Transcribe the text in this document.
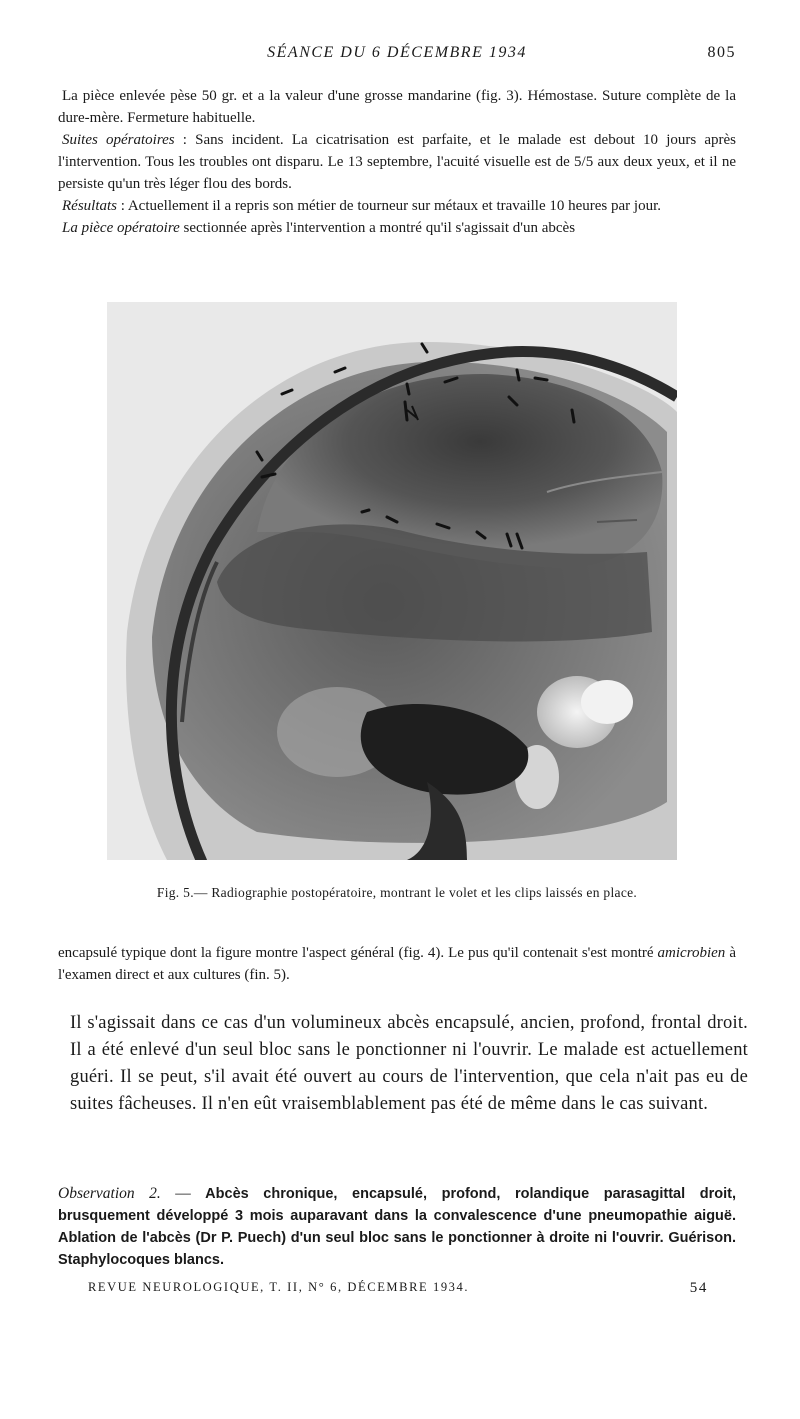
SÉANCE DU 6 DÉCEMBRE 1934	805

La pièce enlevée pèse 50 gr. et a la valeur d'une grosse mandarine (fig. 3). Hémostase. Suture complète de la dure-mère. Fermeture habituelle.

Suites opératoires : Sans incident. La cicatrisation est parfaite, et le malade est debout 10 jours après l'intervention. Tous les troubles ont disparu. Le 13 septembre, l'acuité visuelle est de 5/5 aux deux yeux, et il ne persiste qu'un très léger flou des bords.

Résultats : Actuellement il a repris son métier de tourneur sur métaux et travaille 10 heures par jour.

La pièce opératoire sectionnée après l'intervention a montré qu'il s'agissait d'un abcès

Fig. 5.— Radiographie postopératoire, montrant le volet et les clips laissés en place.

encapsulé typique dont la figure montre l'aspect général (fig. 4). Le pus qu'il contenait s'est montré amicrobien à l'examen direct et aux cultures (fin. 5).

Il s'agissait dans ce cas d'un volumineux abcès encapsulé, ancien, profond, frontal droit. Il a été enlevé d'un seul bloc sans le ponctionner ni l'ouvrir. Le malade est actuellement guéri. Il se peut, s'il avait été ouvert au cours de l'intervention, que cela n'ait pas eu de suites fâcheuses. Il n'en eût vraisemblablement pas été de même dans le cas suivant.

Observation 2. — Abcès chronique, encapsulé, profond, rolandique parasagittal droit, brusquement développé 3 mois auparavant dans la convalescence d'une pneumopathie aiguë. Ablation de l'abcès (Dr P. Puech) d'un seul bloc sans le ponctionner à droite ni l'ouvrir. Guérison. Staphylocoques blancs.
REVUE NEUROLOGIQUE, T. II, N° 6, DÉCEMBRE 1934.	54
